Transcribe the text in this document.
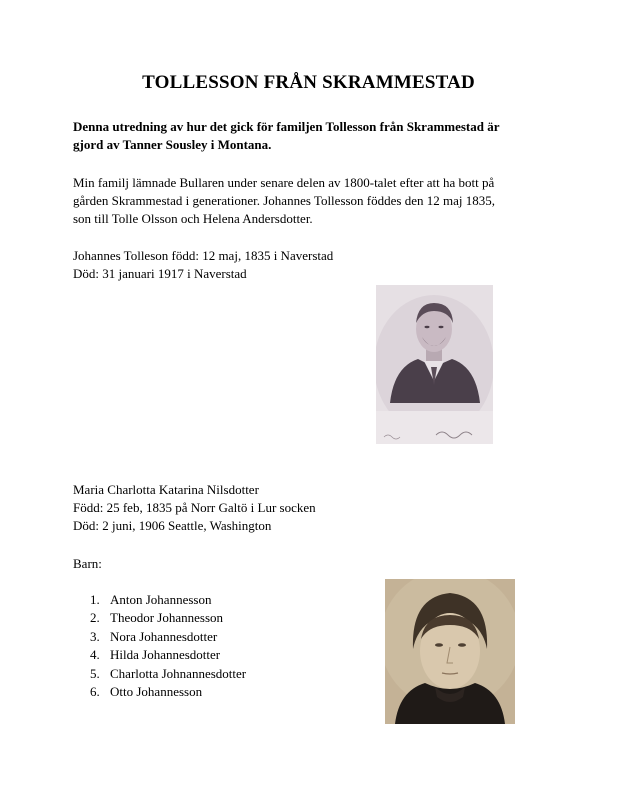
TOLLESSON FRÅN SKRAMMESTAD
Denna utredning av hur det gick för familjen Tollesson från Skrammestad är
gjord av Tanner Sousley i Montana.
Min familj lämnade Bullaren under senare delen av 1800-talet efter att ha bott på
gården Skrammestad i generationer. Johannes Tollesson föddes den 12 maj 1835,
son till Tolle Olsson och Helena Andersdotter.
Johannes Tolleson född: 12 maj, 1835 i Naverstad
Död: 31 januari 1917 i Naverstad
Maria Charlotta Katarina Nilsdotter
Född: 25 feb, 1835 på Norr Galtö i Lur socken
Död: 2 juni, 1906 Seattle, Washington
Barn:
1. Anton Johannesson
2. Theodor Johannesson
3. Nora Johannesdotter
4. Hilda Johannesdotter
5. Charlotta Johnannesdotter
6. Otto Johannesson
